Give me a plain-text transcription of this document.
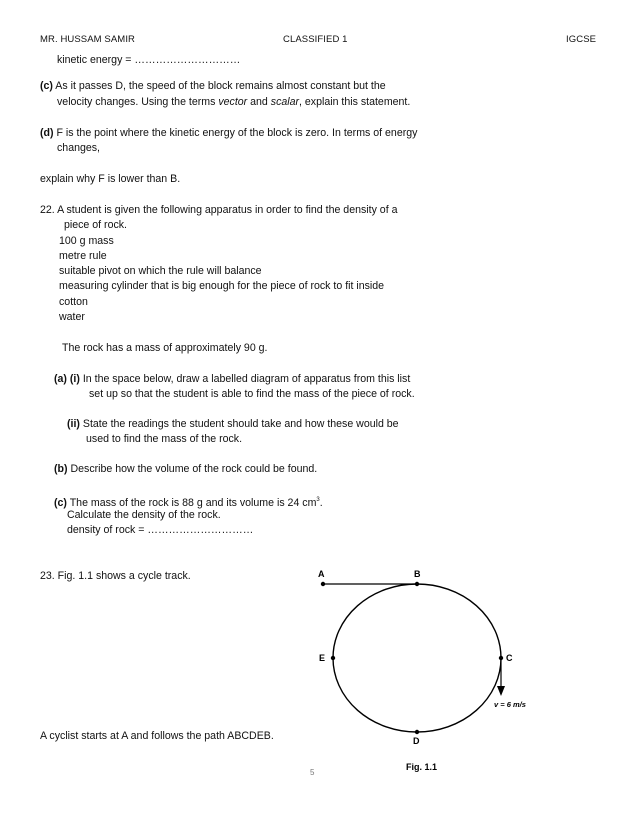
MR. HUSSAM SAMIR	CLASSIFIED 1	IGCSE
kinetic energy = …………………………
(c) As it passes D, the speed of the block remains almost constant but the
velocity changes. Using the terms vector and scalar, explain this statement.
(d) F is the point where the kinetic energy of the block is zero. In terms of energy
changes,
explain why F is lower than B.
22. A student is given the following apparatus in order to find the density of a
piece of rock.
100 g mass
metre rule
suitable pivot on which the rule will balance
measuring cylinder that is big enough for the piece of rock to fit inside
cotton
water
The rock has a mass of approximately 90 g.
(a) (i) In the space below, draw a labelled diagram of apparatus from this list
set up so that the student is able to find the mass of the piece of rock.
(ii) State the readings the student should take and how these would be
used to find the mass of the rock.
(b) Describe how the volume of the rock could be found.
(c) The mass of the rock is 88 g and its volume is 24 $cm^3$.
Calculate the density of the rock.
density of rock = …………………………
23. Fig. 1.1 shows a cycle track.
A cyclist starts at A and follows the path ABCDEB.
A	B
C
D
E
v = 6 m/s
Fig. 1.1
5
